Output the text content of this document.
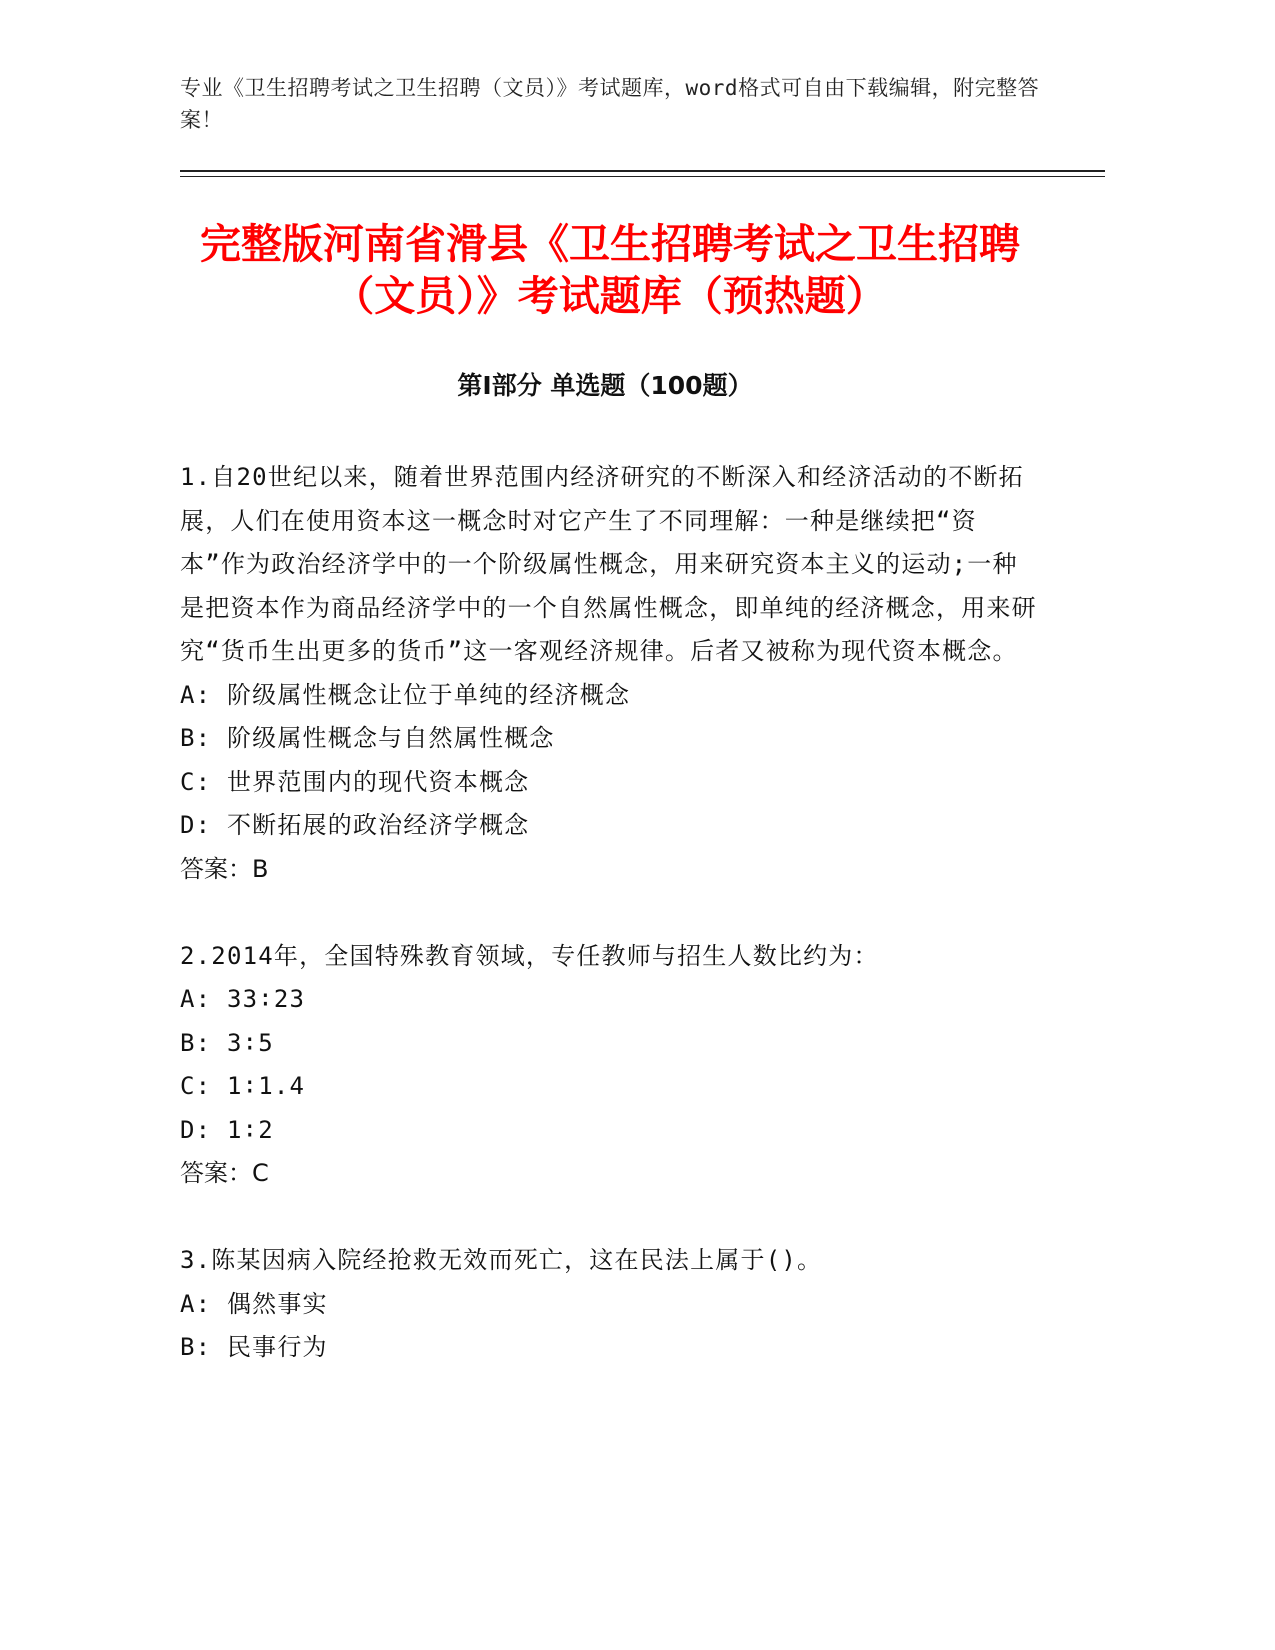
专业《卫生招聘考试之卫生招聘（文员）》考试题库，word格式可自由下载编辑，附完整答案！
完整版河南省滑县《卫生招聘考试之卫生招聘（文员）》考试题库（预热题）
第Ⅰ部分 单选题（100题）
1.自20世纪以来，随着世界范围内经济研究的不断深入和经济活动的不断拓展，人们在使用资本这一概念时对它产生了不同理解：一种是继续把“资本”作为政治经济学中的一个阶级属性概念，用来研究资本主义的运动;一种是把资本作为商品经济学中的一个自然属性概念，即单纯的经济概念，用来研究“货币生出更多的货币”这一客观经济规律。后者又被称为现代资本概念。
A: 阶级属性概念让位于单纯的经济概念
B: 阶级属性概念与自然属性概念
C: 世界范围内的现代资本概念
D: 不断拓展的政治经济学概念
答案：B
2.2014年，全国特殊教育领域，专任教师与招生人数比约为：
A: 33∶23
B: 3∶5
C: 1∶1.4
D: 1∶2
答案：C
3.陈某因病入院经抢救无效而死亡，这在民法上属于()。
A: 偶然事实
B: 民事行为
